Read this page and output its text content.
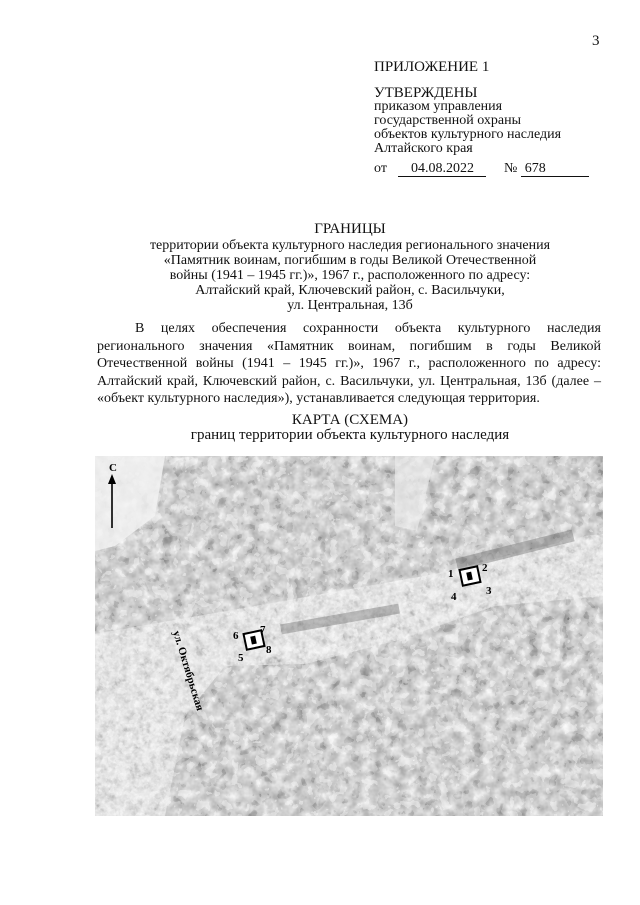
3
ПРИЛОЖЕНИЕ 1
УТВЕРЖДЕНЫ
приказом управления
государственной охраны
объектов культурного наследия
Алтайского края
от 04.08.2022 № 678
ГРАНИЦЫ
территории объекта культурного наследия регионального значения
«Памятник воинам, погибшим в годы Великой Отечественной
войны (1941 – 1945 гг.)», 1967 г., расположенного по адресу:
Алтайский край, Ключевский район, с. Васильчуки,
ул. Центральная, 13б
В целях обеспечения сохранности объекта культурного наследия регионального значения «Памятник воинам, погибшим в годы Великой Отечественной войны (1941 – 1945 гг.)», 1967 г., расположенного по адресу: Алтайский край, Ключевский район, с. Васильчуки, ул. Центральная, 13б (далее – «объект культурного наследия»), устанавливается следующая территория.
КАРТА (СХЕМА)
границ территории объекта культурного наследия
С
ул. Октябрьская
1	2
3
4
5
6 7
8
